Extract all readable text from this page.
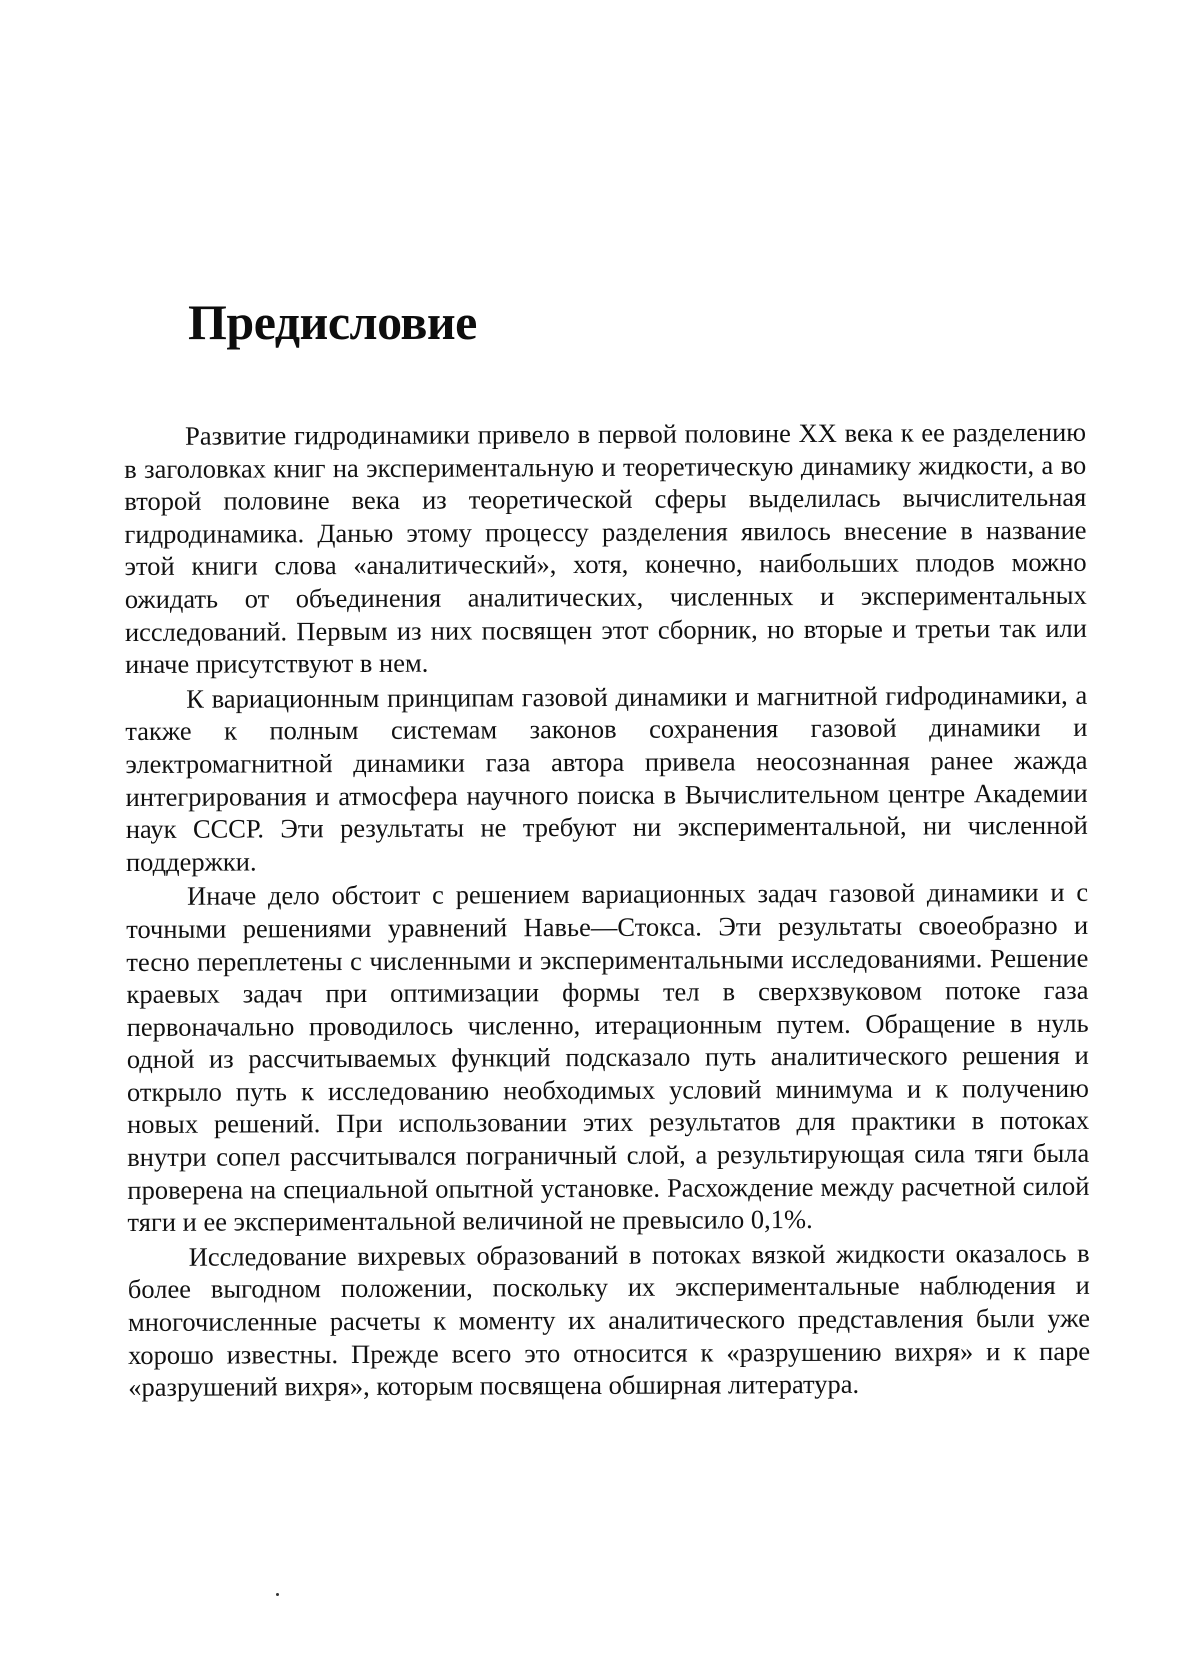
Предисловие

Развитие гидродинамики привело в первой половине XX века к ее разделению в заголовках книг на экспериментальную и теоретическую динамику жидкости, а во второй половине века из теоретической сферы выделилась вычислительная гидродинамика. Данью этому процессу разделения явилось внесение в название этой книги слова «аналитический», хотя, конечно, наибольших плодов можно ожидать от объединения аналитических, численных и экспериментальных исследований. Первым из них посвящен этот сборник, но вторые и третьи так или иначе присутствуют в нем.

К вариационным принципам газовой динамики и магнитной гиdродинамики, а также к полным системам законов сохранения газовой динамики и электромагнитной динамики газа автора привела неосознанная ранее жажда интегрирования и атмосфера научного поиска в Вычислительном центре Академии наук СССР. Эти результаты не требуют ни экспериментальной, ни численной поддержки.

Иначе дело обстоит с решением вариационных задач газовой динамики и с точными решениями уравнений Навье—Стокса. Эти результаты своеобразно и тесно переплетены с численными и экспериментальными исследованиями. Решение краевых задач при оптимизации формы тел в сверхзвуковом потоке газа первоначально проводилось численно, итерационным путем. Обращение в нуль одной из рассчитываемых функций подсказало путь аналитического решения и открыло путь к исследованию необходимых условий минимума и к получению новых решений. При использовании этих результатов для практики в потоках внутри сопел рассчитывался пограничный слой, а результирующая сила тяги была проверена на специальной опытной установке. Расхождение между расчетной силой тяги и ее экспериментальной величиной не превысило 0,1%.

Исследование вихревых образований в потоках вязкой жидкости оказалось в более выгодном положении, поскольку их экспериментальные наблюдения и многочисленные расчеты к моменту их аналитического представления были уже хорошо известны. Прежде всего это относится к «разрушению вихря» и к паре «разрушений вихря», которым посвящена обширная литература.
